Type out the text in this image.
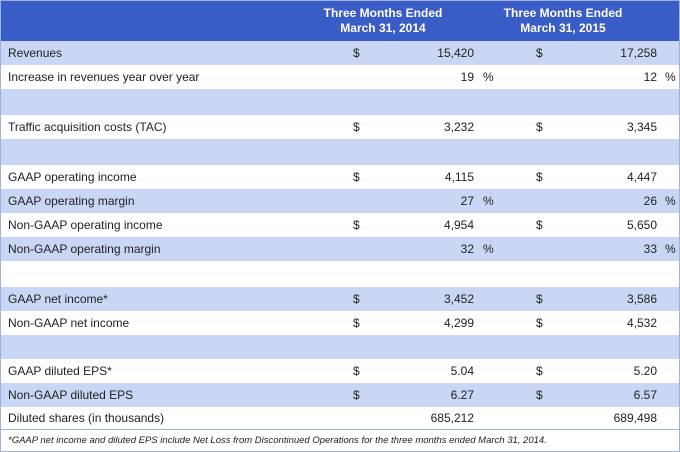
Three Months Ended March 31, 2014
Three Months Ended March 31, 2015
Revenues	$	15,420	$	17,258
Increase in revenues year over year	19 %	12 %
Traffic acquisition costs (TAC)	$	3,232	$	3,345
GAAP operating income	$	4,115	$	4,447
GAAP operating margin	27 %	26 %
Non-GAAP operating income	$	4,954	$	5,650
Non-GAAP operating margin	32 %	33 %
GAAP net income*	$	3,452	$	3,586
Non-GAAP net income	$	4,299	$	4,532
GAAP diluted EPS*	$	5.04	$	5.20
Non-GAAP diluted EPS	$	6.27	$	6.57
Diluted shares (in thousands)	685,212	689,498
*GAAP net income and diluted EPS include Net Loss from Discontinued Operations for the three months ended March 31, 2014.
